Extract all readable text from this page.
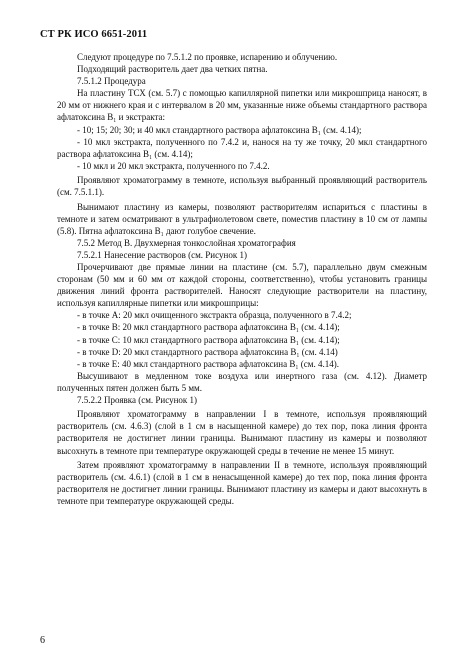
СТ РК ИСО 6651-2011

Следуют процедуре по 7.5.1.2 по проявке, испарению и облучению.

Подходящий растворитель дает два четких пятна.

7.5.1.2 Процедура

На пластину ТСХ (см. 5.7) с помощью капиллярной пипетки или микрошприца наносят, в 20 мм от нижнего края и с интервалом в 20 мм, указанные ниже объемы стандартного раствора афлатоксина B₁ и экстракта:

- 10; 15; 20; 30; и 40 мкл стандартного раствора афлатоксина B₁ (см. 4.14);

- 10 мкл экстракта, полученного по 7.4.2 и, нанося на ту же точку, 20 мкл стандартного раствора афлатоксина B₁ (см. 4.14);

- 10 мкл и 20 мкл экстракта, полученного по 7.4.2.

Проявляют хроматограмму в темноте, используя выбранный проявляющий растворитель (см. 7.5.1.1).

Вынимают пластину из камеры, позволяют растворителям испариться с пластины в темноте и затем осматривают в ультрафиолетовом свете, поместив пластину в 10 см от лампы (5.8). Пятна афлатоксина B₁ дают голубое свечение.

7.5.2 Метод B. Двухмерная тонкослойная хроматография

7.5.2.1 Нанесение растворов (см. Рисунок 1)

Прочерчивают две прямые линии на пластине (см. 5.7), параллельно двум смежным сторонам (50 мм и 60 мм от каждой стороны, соответственно), чтобы установить границы движения линий фронта растворителей. Наносят следующие растворители на пластину, используя капиллярные пипетки или микрошприцы:

- в точке А: 20 мкл очищенного экстракта образца, полученного в 7.4.2;

- в точке B: 20 мкл стандартного раствора афлатоксина B₁ (см. 4.14);

- в точке C: 10 мкл стандартного раствора афлатоксина B₁ (см. 4.14);

- в точке D: 20 мкл стандартного раствора афлатоксина B₁ (см. 4.14)

- в точке E: 40 мкл стандартного раствора афлатоксина B₁ (см. 4.14).

Высушивают в медленном токе воздуха или инертного газа (см. 4.12). Диаметр полученных пятен должен быть 5 мм.

7.5.2.2 Проявка (см. Рисунок 1)

Проявляют хроматограмму в направлении I в темноте, используя проявляющий растворитель (см. 4.6.3) (слой в 1 см в насыщенной камере) до тех пор, пока линия фронта растворителя не достигнет линии границы. Вынимают пластину из камеры и позволяют высохнуть в темноте при температуре окружающей среды в течение не менее 15 минут.

Затем проявляют хроматограмму в направлении II в темноте, используя проявляющий растворитель (см. 4.6.1) (слой в 1 см в ненасыщенной камере) до тех пор, пока линия фронта растворителя не достигнет линии границы. Вынимают пластину из камеры и дают высохнуть в темноте при температуре окружающей среды.

6
